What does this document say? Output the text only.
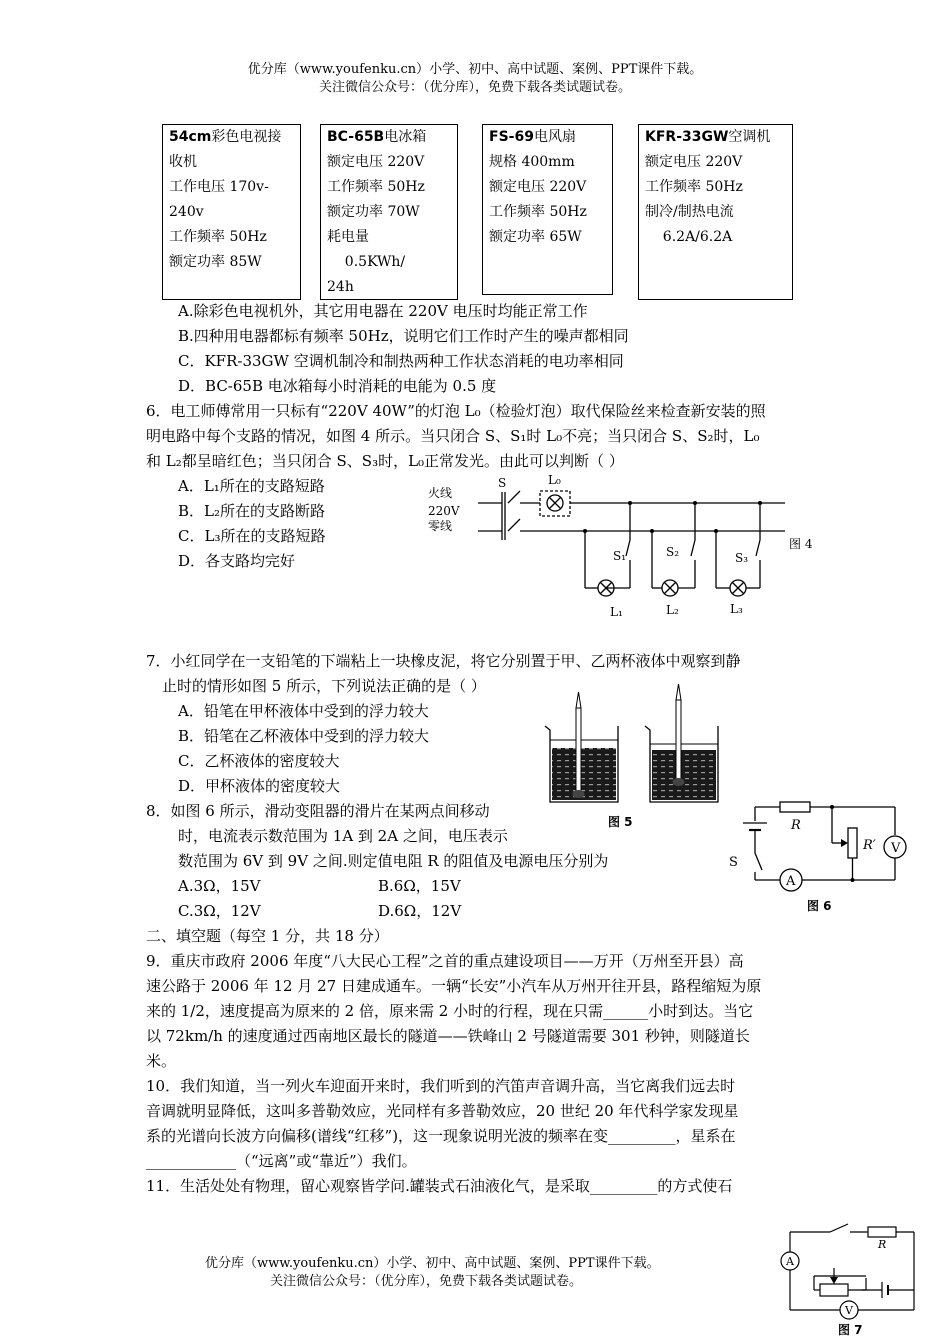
优分库（www.youfenku.cn）小学、初中、高中试题、案例、PPT课件下载。
关注微信公众号：（优分库），免费下载各类试题试卷。
54cm彩色电视接
收机
工作电压 170v-
240v
工作频率 50Hz
额定功率 85W
BC-65B电冰箱
额定电压 220V
工作频率 50Hz
额定功率 70W
耗电量
0.5KWh/
24h
FS-69电风扇
规格 400mm
额定电压 220V
工作频率 50Hz
额定功率 65W
KFR-33GW空调机
额定电压 220V
工作频率 50Hz
制冷/制热电流
6.2A/6.2A
A.除彩色电视机外，其它用电器在 220V 电压时均能正常工作
B.四种用电器都标有频率 50Hz，说明它们工作时产生的噪声都相同
C．KFR-33GW 空调机制冷和制热两种工作状态消耗的电功率相同
D．BC-65B 电冰箱每小时消耗的电能为 0.5 度
6．电工师傅常用一只标有“220V 40W”的灯泡 L₀（检验灯泡）取代保险丝来检查新安装的照
明电路中每个支路的情况，如图 4 所示。当只闭合 S、S₁时 L₀不亮；当只闭合 S、S₂时，L₀
和 L₂都呈暗红色；当只闭合 S、S₃时，L₀正常发光。由此可以判断（ ）
A．L₁所在的支路短路
B．L₂所在的支路断路
C．L₃所在的支路短路
D．各支路均完好
火线
220V
零线
S	L₀
S₁	S₂	S₃
L₁	L₂	L₃
图 4
7．小红同学在一支铅笔的下端粘上一块橡皮泥，将它分别置于甲、乙两杯液体中观察到静
止时的情形如图 5 所示，下列说法正确的是（ ）
A．铅笔在甲杯液体中受到的浮力较大
B．铅笔在乙杯液体中受到的浮力较大
C．乙杯液体的密度较大
D．甲杯液体的密度较大
图 5
8．如图 6 所示，滑动变阻器的滑片在某两点间移动
时，电流表示数范围为 1A 到 2A 之间，电压表示
数范围为 6V 到 9V 之间.则定值电阻 R 的阻值及电源电压分别为
A.3Ω，15V	B.6Ω，15V
C.3Ω，12V	D.6Ω，12V
R
R′ V
A
S
图 6
二、填空题（每空 1 分，共 18 分）
9．重庆市政府 2006 年度“八大民心工程”之首的重点建设项目——万开（万州至开县）高
速公路于 2006 年 12 月 27 日建成通车。一辆“长安”小汽车从万州开往开县，路程缩短为原
来的 1/2，速度提高为原来的 2 倍，原来需 2 小时的行程，现在只需______小时到达。当它
以 72km/h 的速度通过西南地区最长的隧道——铁峰山 2 号隧道需要 301 秒钟，则隧道长
米。
10．我们知道，当一列火车迎面开来时，我们听到的汽笛声音调升高，当它离我们远去时
音调就明显降低，这叫多普勒效应，光同样有多普勒效应，20 世纪 20 年代科学家发现星
系的光谱向长波方向偏移(谱线“红移”)，这一现象说明光波的频率在变_________，星系在
____________（“远离”或“靠近”）我们。
11．生活处处有物理，留心观察皆学问.罐装式石油液化气，是采取_________的方式使石
优分库（www.youfenku.cn）小学、初中、高中试题、案例、PPT课件下载。
关注微信公众号：（优分库），免费下载各类试题试卷。
R
A
V
图 7
